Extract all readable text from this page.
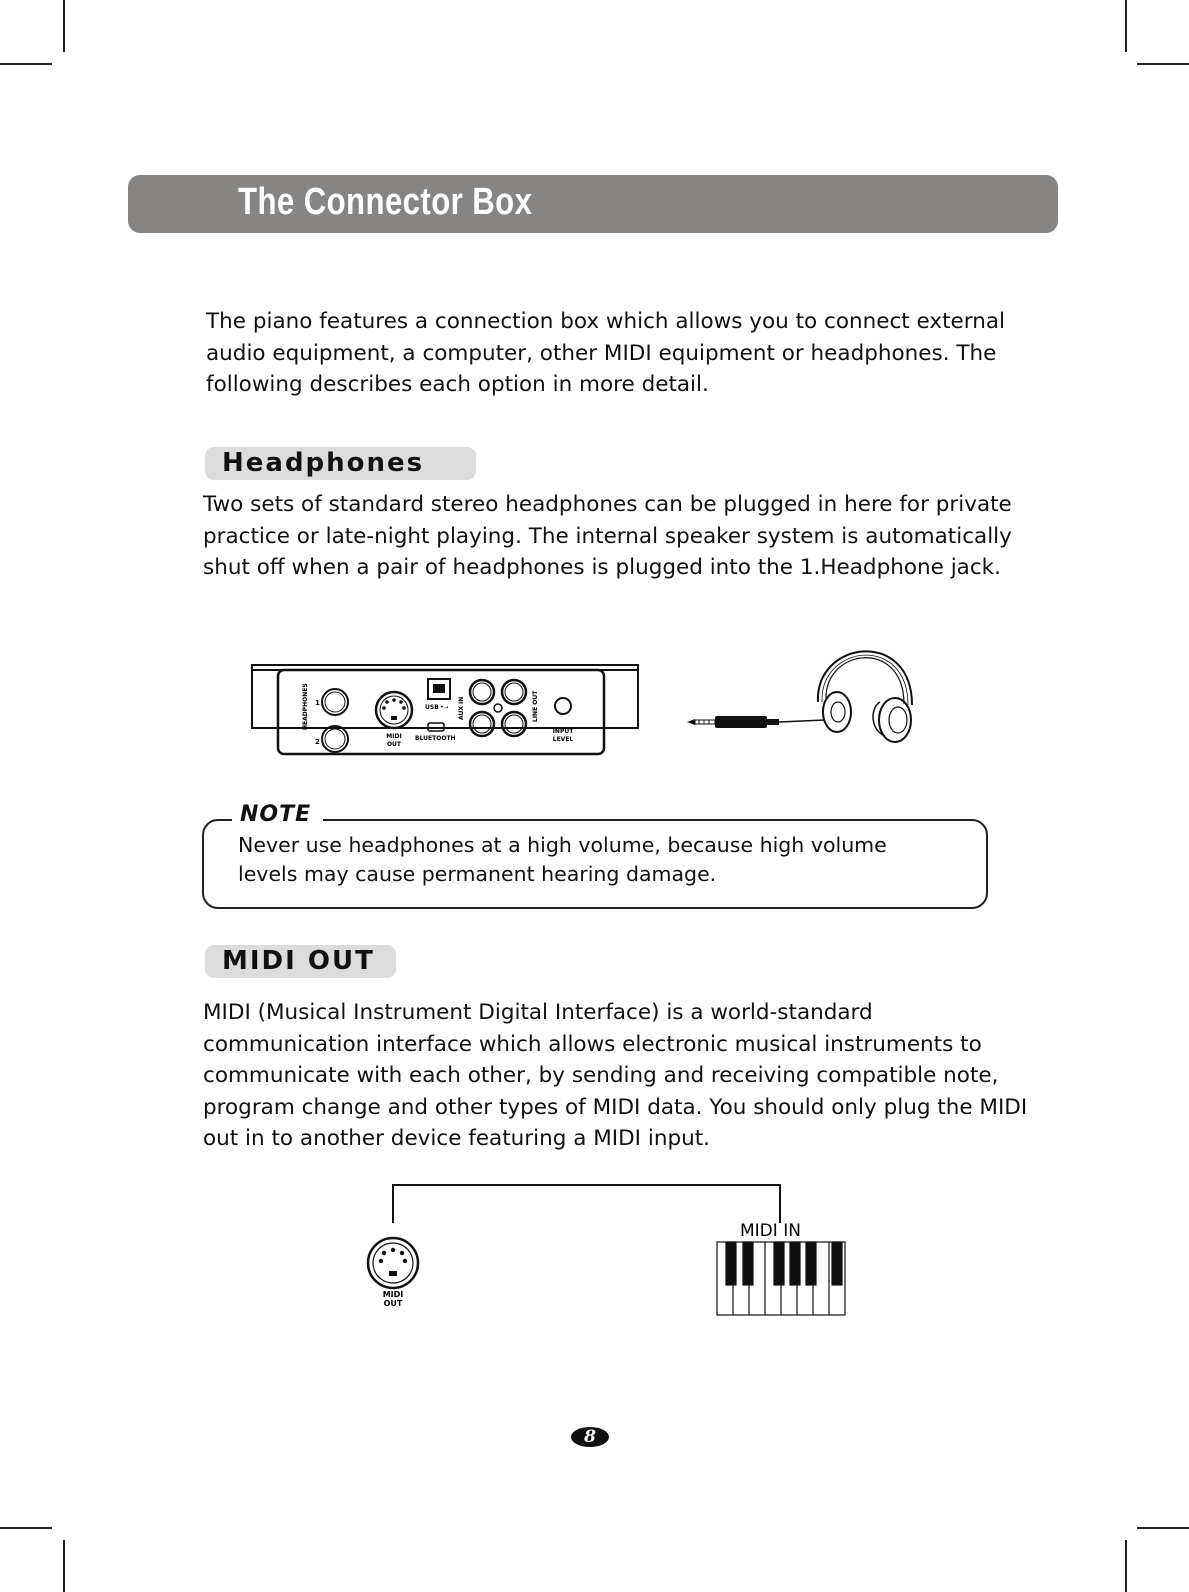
The Connector Box

The piano features a connection box which allows you to connect external audio equipment, a computer, other MIDI equipment or headphones. The following describes each option in more detail.

Headphones

Two sets of standard stereo headphones can be plugged in here for private practice or late-night playing. The internal speaker system is automatically shut off when a pair of headphones is plugged into the 1.Headphone jack.

HEADPHONES 1
2
MIDI
OUT
USB •⇢
BLUETOOTH
AUX IN	LINE OUT
INPUT
LEVEL
NOTE
Never use headphones at a high volume, because high volume levels may cause permanent hearing damage.
MIDI OUT

MIDI (Musical Instrument Digital Interface) is a world-standard communication interface which allows electronic musical instruments to communicate with each other, by sending and receiving compatible note, program change and other types of MIDI data. You should only plug the MIDI out in to another device featuring a MIDI input.

MIDI
OUT
MIDI IN
8
